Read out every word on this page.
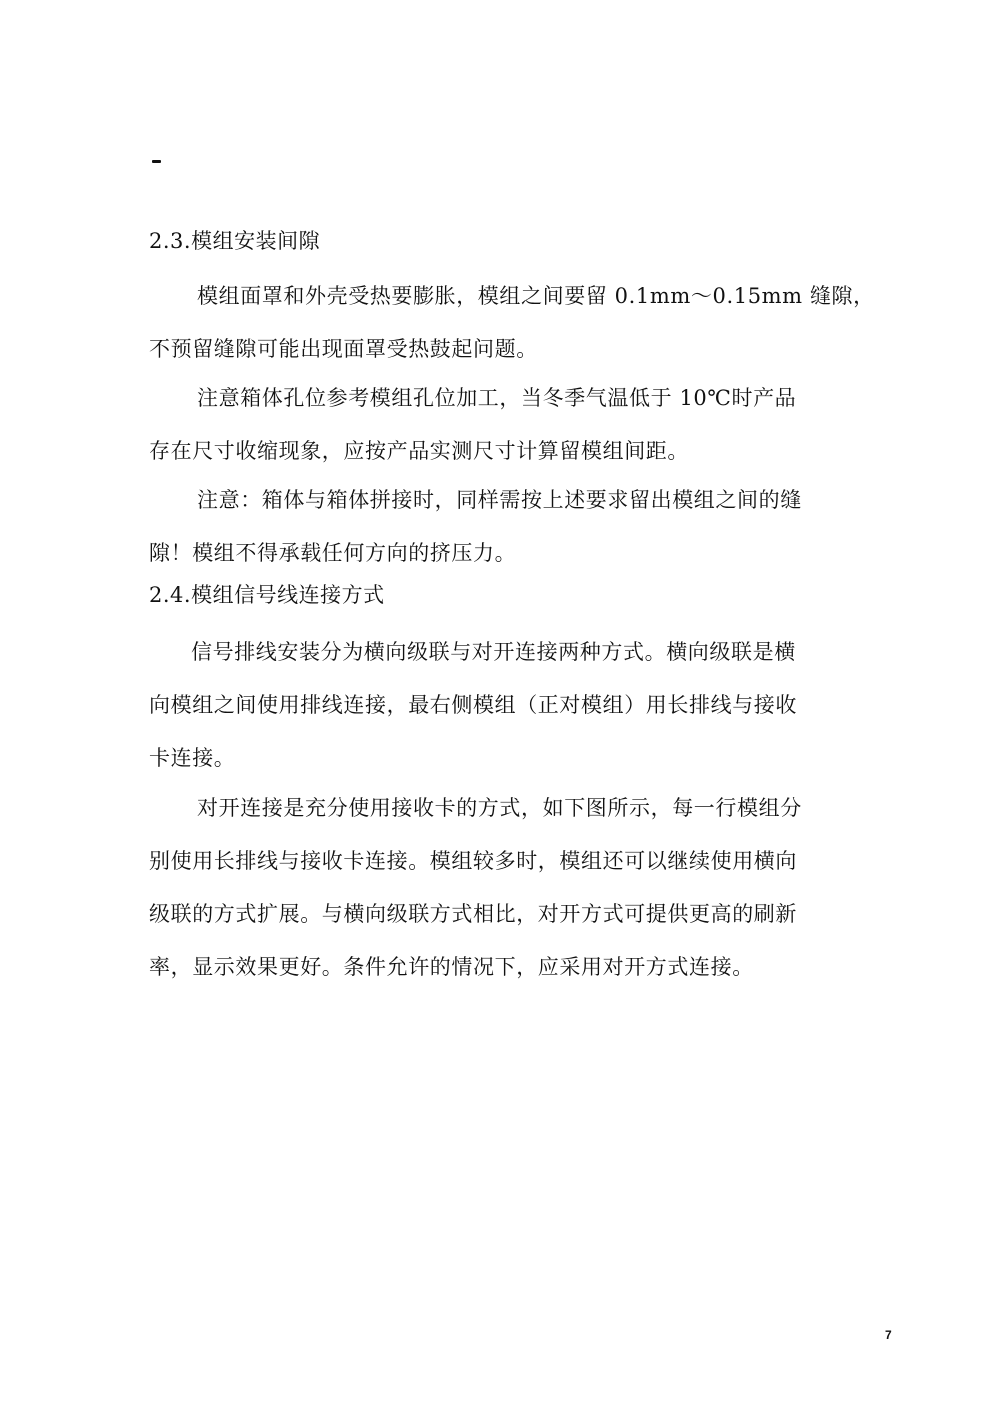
2.3.模组安装间隙
模组面罩和外壳受热要膨胀，模组之间要留 0.1mm～0.15mm 缝隙，
不预留缝隙可能出现面罩受热鼓起问题。
注意箱体孔位参考模组孔位加工，当冬季气温低于 10℃时产品
存在尺寸收缩现象，应按产品实测尺寸计算留模组间距。
注意：箱体与箱体拼接时，同样需按上述要求留出模组之间的缝
隙！模组不得承载任何方向的挤压力。
2.4.模组信号线连接方式
信号排线安装分为横向级联与对开连接两种方式。横向级联是横
向模组之间使用排线连接，最右侧模组（正对模组）用长排线与接收
卡连接。
对开连接是充分使用接收卡的方式，如下图所示，每一行模组分
别使用长排线与接收卡连接。模组较多时，模组还可以继续使用横向
级联的方式扩展。与横向级联方式相比，对开方式可提供更高的刷新
率，显示效果更好。条件允许的情况下，应采用对开方式连接。
7
